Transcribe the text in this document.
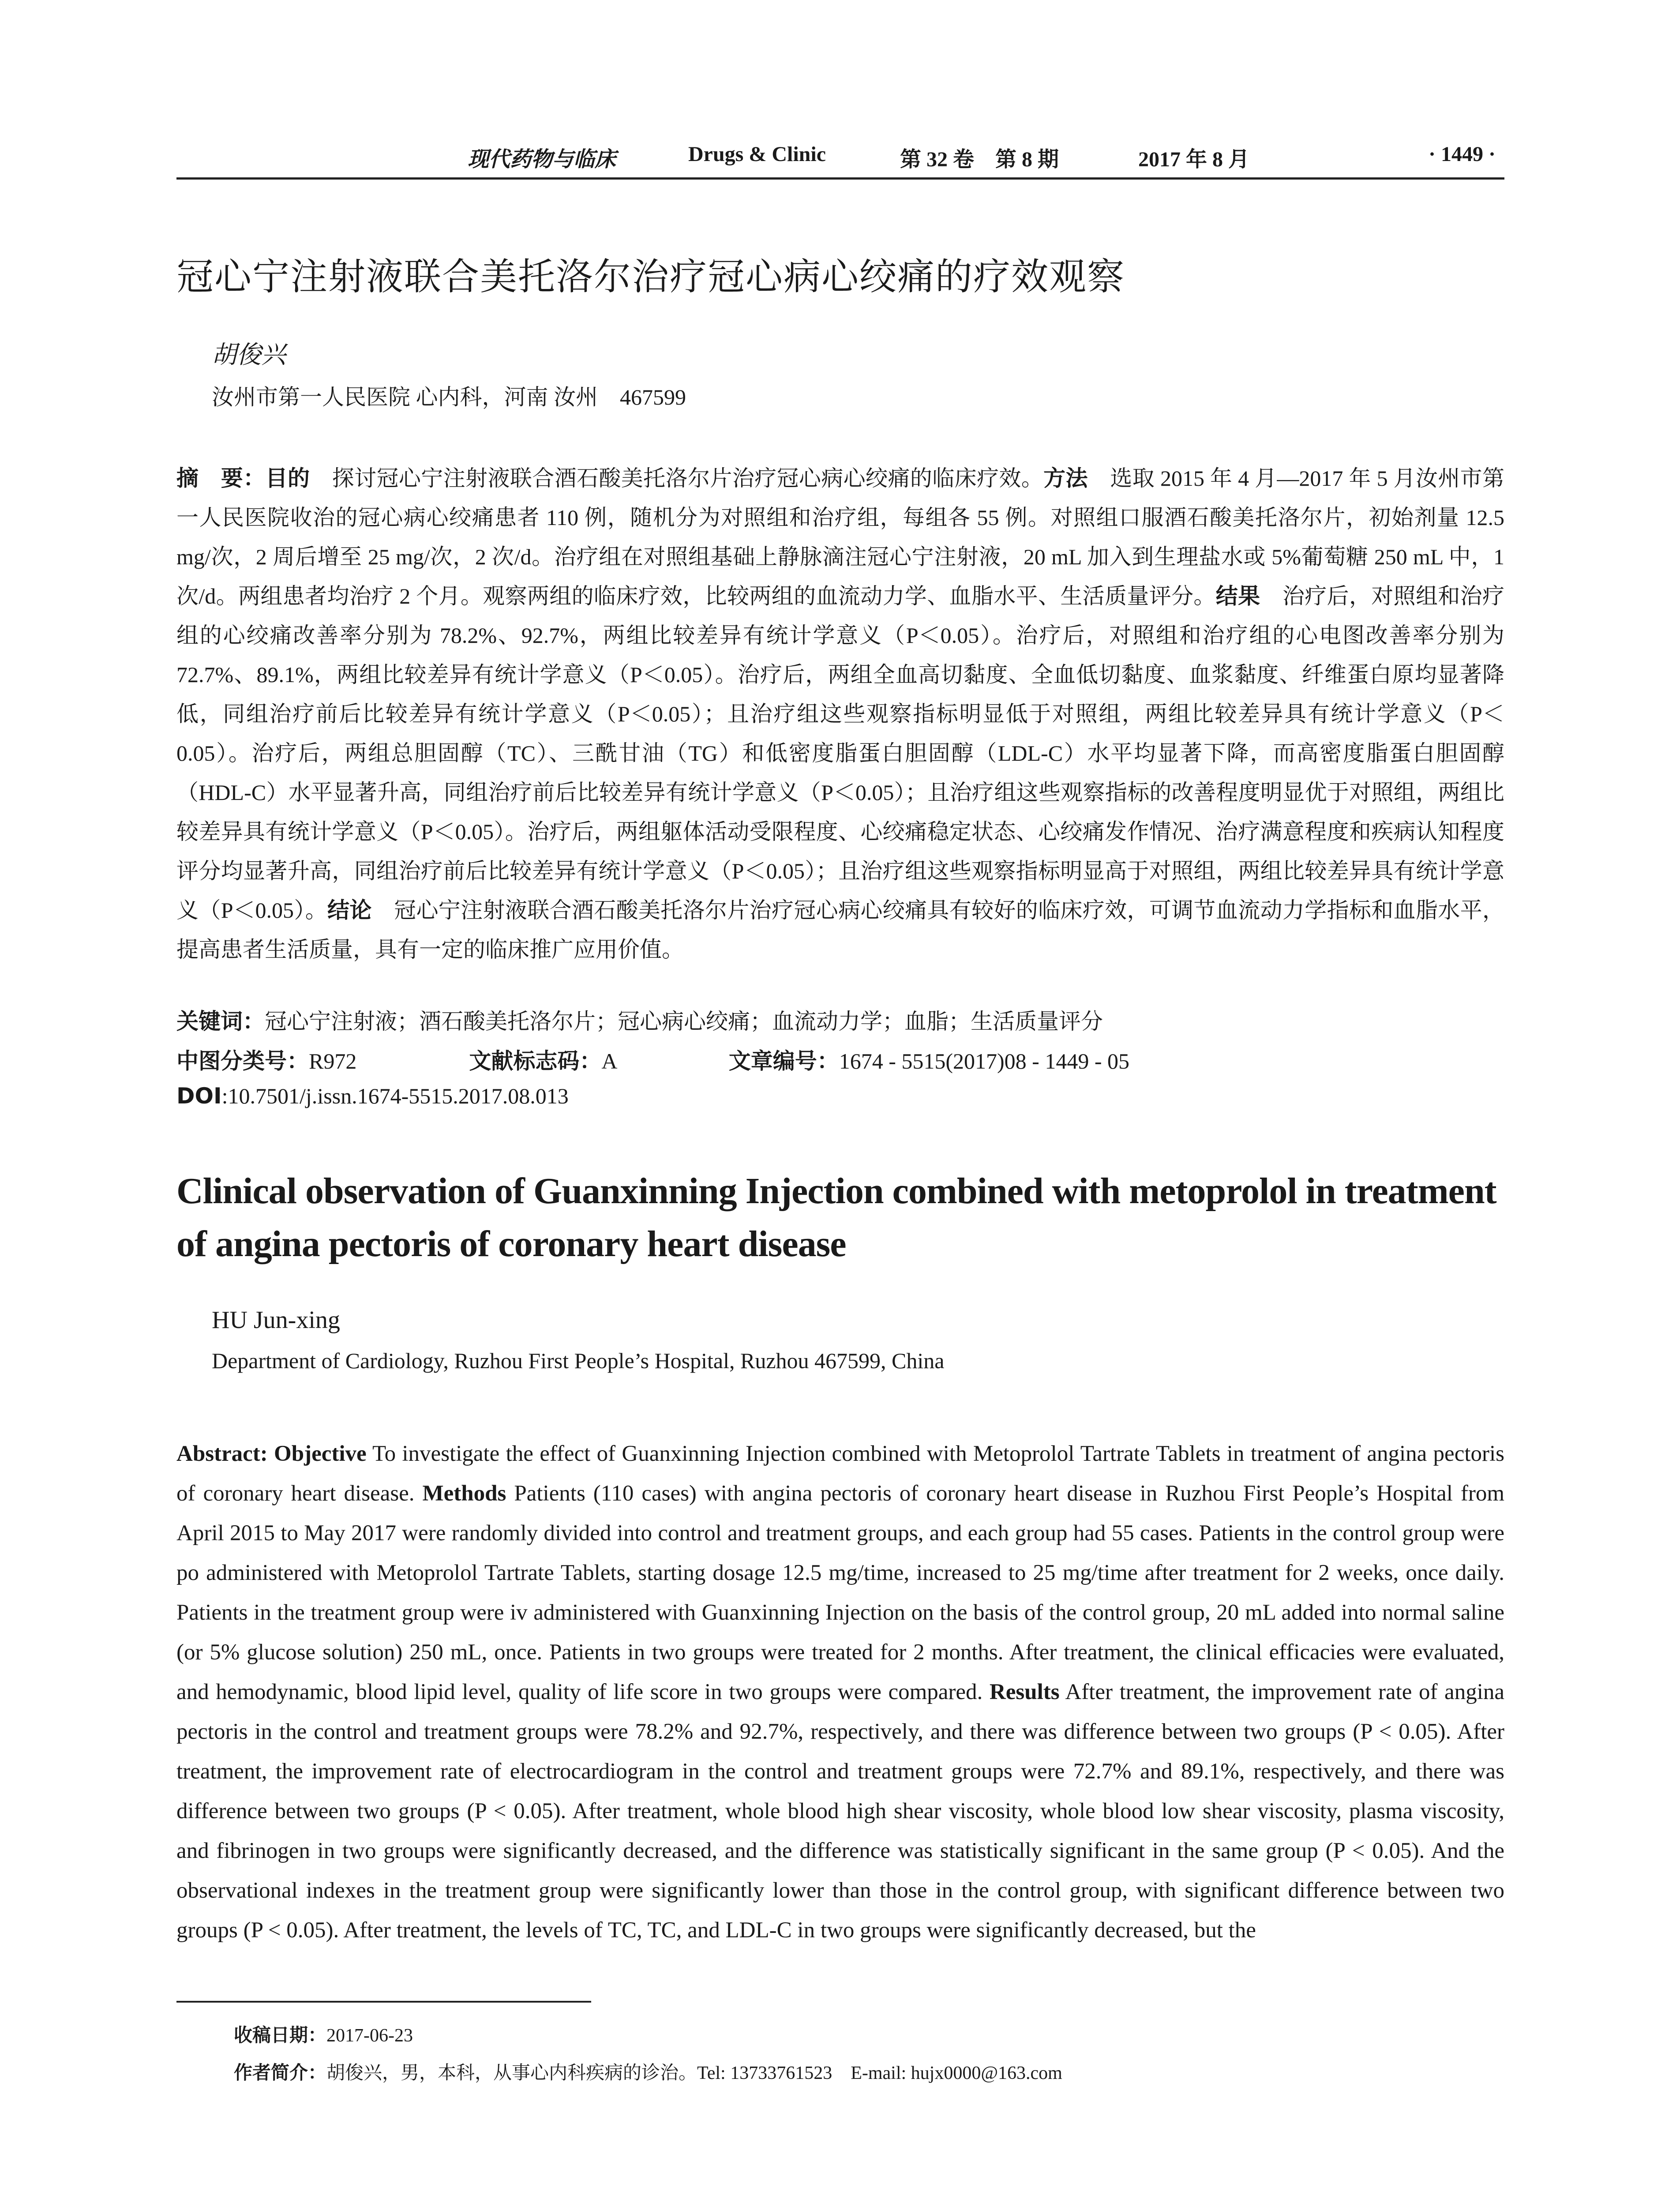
现代药物与临床	Drugs & Clinic	第 32 卷　第 8 期	2017 年 8 月	· 1449 ·
冠心宁注射液联合美托洛尔治疗冠心病心绞痛的疗效观察
胡俊兴
汝州市第一人民医院 心内科，河南 汝州　467599
摘　要：目的　探讨冠心宁注射液联合酒石酸美托洛尔片治疗冠心病心绞痛的临床疗效。方法　选取 2015 年 4 月—2017 年 5 月汝州市第一人民医院收治的冠心病心绞痛患者 110 例，随机分为对照组和治疗组，每组各 55 例。对照组口服酒石酸美托洛尔片，初始剂量 12.5 mg/次，2 周后增至 25 mg/次，2 次/d。治疗组在对照组基础上静脉滴注冠心宁注射液，20 mL 加入到生理盐水或 5%葡萄糖 250 mL 中，1 次/d。两组患者均治疗 2 个月。观察两组的临床疗效，比较两组的血流动力学、血脂水平、生活质量评分。结果　治疗后，对照组和治疗组的心绞痛改善率分别为 78.2%、92.7%，两组比较差异有统计学意义（P＜0.05）。治疗后，对照组和治疗组的心电图改善率分别为 72.7%、89.1%，两组比较差异有统计学意义（P＜0.05）。治疗后，两组全血高切黏度、全血低切黏度、血浆黏度、纤维蛋白原均显著降低，同组治疗前后比较差异有统计学意义（P＜0.05）；且治疗组这些观察指标明显低于对照组，两组比较差异具有统计学意义（P＜0.05）。治疗后，两组总胆固醇（TC）、三酰甘油（TG）和低密度脂蛋白胆固醇（LDL-C）水平均显著下降，而高密度脂蛋白胆固醇（HDL-C）水平显著升高，同组治疗前后比较差异有统计学意义（P＜0.05）；且治疗组这些观察指标的改善程度明显优于对照组，两组比较差异具有统计学意义（P＜0.05）。治疗后，两组躯体活动受限程度、心绞痛稳定状态、心绞痛发作情况、治疗满意程度和疾病认知程度评分均显著升高，同组治疗前后比较差异有统计学意义（P＜0.05）；且治疗组这些观察指标明显高于对照组，两组比较差异具有统计学意义（P＜0.05）。结论　冠心宁注射液联合酒石酸美托洛尔片治疗冠心病心绞痛具有较好的临床疗效，可调节血流动力学指标和血脂水平，提高患者生活质量，具有一定的临床推广应用价值。
关键词：冠心宁注射液；酒石酸美托洛尔片；冠心病心绞痛；血流动力学；血脂；生活质量评分
中图分类号：R972	文献标志码：A	文章编号：1674 - 5515(2017)08 - 1449 - 05
DOI:10.7501/j.issn.1674-5515.2017.08.013
Clinical observation of Guanxinning Injection combined with metoprolol in treatment of angina pectoris of coronary heart disease
HU Jun-xing
Department of Cardiology, Ruzhou First People’s Hospital, Ruzhou 467599, China
Abstract: Objective To investigate the effect of Guanxinning Injection combined with Metoprolol Tartrate Tablets in treatment of angina pectoris of coronary heart disease. Methods Patients (110 cases) with angina pectoris of coronary heart disease in Ruzhou First People’s Hospital from April 2015 to May 2017 were randomly divided into control and treatment groups, and each group had 55 cases. Patients in the control group were po administered with Metoprolol Tartrate Tablets, starting dosage 12.5 mg/time, increased to 25 mg/time after treatment for 2 weeks, once daily. Patients in the treatment group were iv administered with Guanxinning Injection on the basis of the control group, 20 mL added into normal saline (or 5% glucose solution) 250 mL, once. Patients in two groups were treated for 2 months. After treatment, the clinical efficacies were evaluated, and hemodynamic, blood lipid level, quality of life score in two groups were compared. Results After treatment, the improvement rate of angina pectoris in the control and treatment groups were 78.2% and 92.7%, respectively, and there was difference between two groups (P < 0.05). After treatment, the improvement rate of electrocardiogram in the control and treatment groups were 72.7% and 89.1%, respectively, and there was difference between two groups (P < 0.05). After treatment, whole blood high shear viscosity, whole blood low shear viscosity, plasma viscosity, and fibrinogen in two groups were significantly decreased, and the difference was statistically significant in the same group (P < 0.05). And the observational indexes in the treatment group were significantly lower than those in the control group, with significant difference between two groups (P < 0.05). After treatment, the levels of TC, TC, and LDL-C in two groups were significantly decreased, but the
收稿日期：2017-06-23
作者简介：胡俊兴，男，本科，从事心内科疾病的诊治。Tel: 13733761523　E-mail: hujx0000@163.com
